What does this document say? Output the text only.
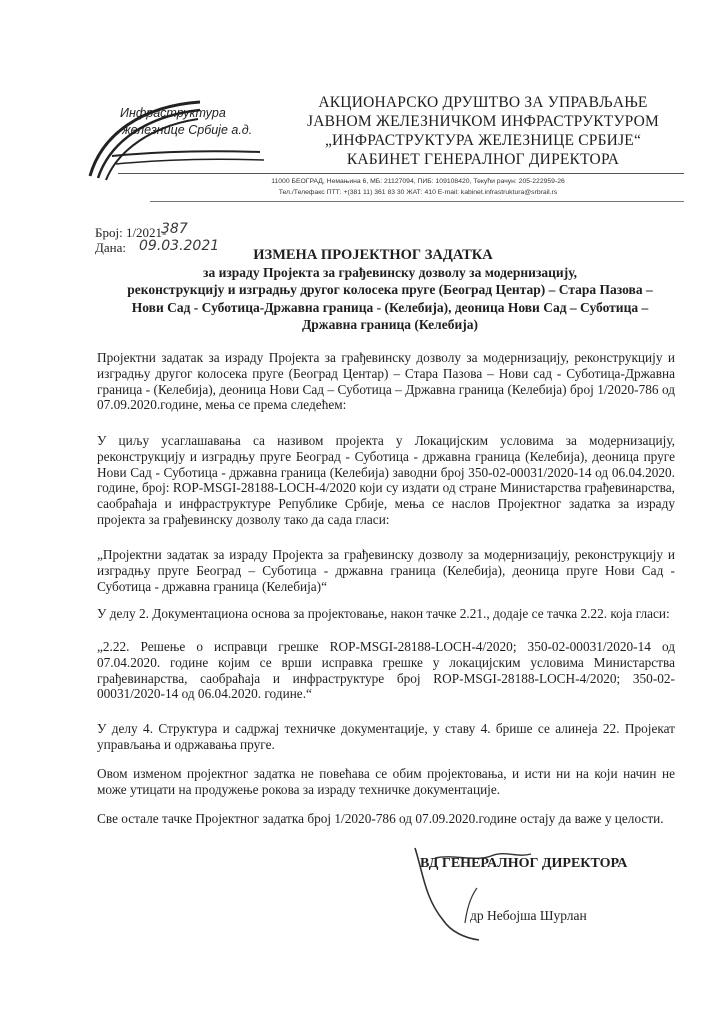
Инфраструктура
железнице Србије а.д.
АКЦИОНАРСКО ДРУШТВО ЗА УПРАВЉАЊЕ
ЈАВНОМ ЖЕЛЕЗНИЧКОМ ИНФРАСТРУКТУРОМ
„ИНФРАСТРУКТУРА ЖЕЛЕЗНИЦЕ СРБИЈЕ“
КАБИНЕТ ГЕНЕРАЛНОГ ДИРЕКТОРА
11000 БЕОГРАД, Немањина 6, МБ: 21127094, ПИБ: 109108420, Текући рачун: 205-222959-26
Тел./Телефакс ПТТ: +(381 11) 361 83 30 ЖАТ: 410 E-mail: kabinet.infrastruktura@srbrail.rs
Број: 1/2021-
387
Дана: 09.03.2021
ИЗМЕНА ПРОЈЕКТНОГ ЗАДАТКА
за израду Пројекта за грађевинску дозволу за модернизацију,
реконструкцију и изградњу другог колосека пруге (Београд Центар) – Стара Пазова –
Нови Сад - Суботица-Државна граница - (Келебија), деоница Нови Сад – Суботица –
Државна граница (Келебија)
Пројектни задатак за израду Пројекта за грађевинску дозволу за модернизацију, реконструкцију и изградњу другог колосека пруге (Београд Центар) – Стара Пазова – Нови сад - Суботица-Државна граница - (Келебија), деоница Нови Сад – Суботица – Државна граница (Келебија) број 1/2020-786 од 07.09.2020.године, мења се према следећем:
У циљу усаглашавања са називом пројекта у Локацијским условима за модернизацију, реконструкцију и изградњу пруге Београд - Суботица - државна граница (Келебија), деоница пруге Нови Сад - Суботица - државна граница (Келебија) заводни број 350-02-00031/2020-14 од 06.04.2020. године, број: ROP-MSGI-28188-LOCH-4/2020 који су издати од стране Министарства грађевинарства, саобраћаја и инфраструктуре Републике Србије, мења се наслов Пројектног задатка за израду пројекта за грађевинску дозволу тако да сада гласи:
„Пројектни задатак за израду Пројекта за грађевинску дозволу за модернизацију, реконструкцију и изградњу пруге Београд – Суботица - државна граница (Келебија), деоница пруге Нови Сад - Суботица - државна граница (Келебија)“
У делу 2. Документациона основа за пројектовање, након тачке 2.21., додаје се тачка 2.22. која гласи:
„2.22. Решење о исправци грешке ROP-MSGI-28188-LOCH-4/2020; 350-02-00031/2020-14 од 07.04.2020. године којим се врши исправка грешке у локацијским условима Министарства грађевинарства, саобраћаја и инфраструктуре број ROP-MSGI-28188-LOCH-4/2020; 350-02-00031/2020-14 од 06.04.2020. године.“
У делу 4. Структура и садржај техничке документације, у ставу 4. брише се алинеја 22. Пројекат управљања и одржавања пруге.
Овом изменом пројектног задатка не повећава се обим пројектовања, и исти ни на који начин не може утицати на продужење рокова за израду техничке документације.
Све остале тачке Пројектног задатка број 1/2020-786 од 07.09.2020.године остају да важе у целости.
ВД ГЕНЕРАЛНОГ ДИРЕКТОРА
др Небојша Шурлан
